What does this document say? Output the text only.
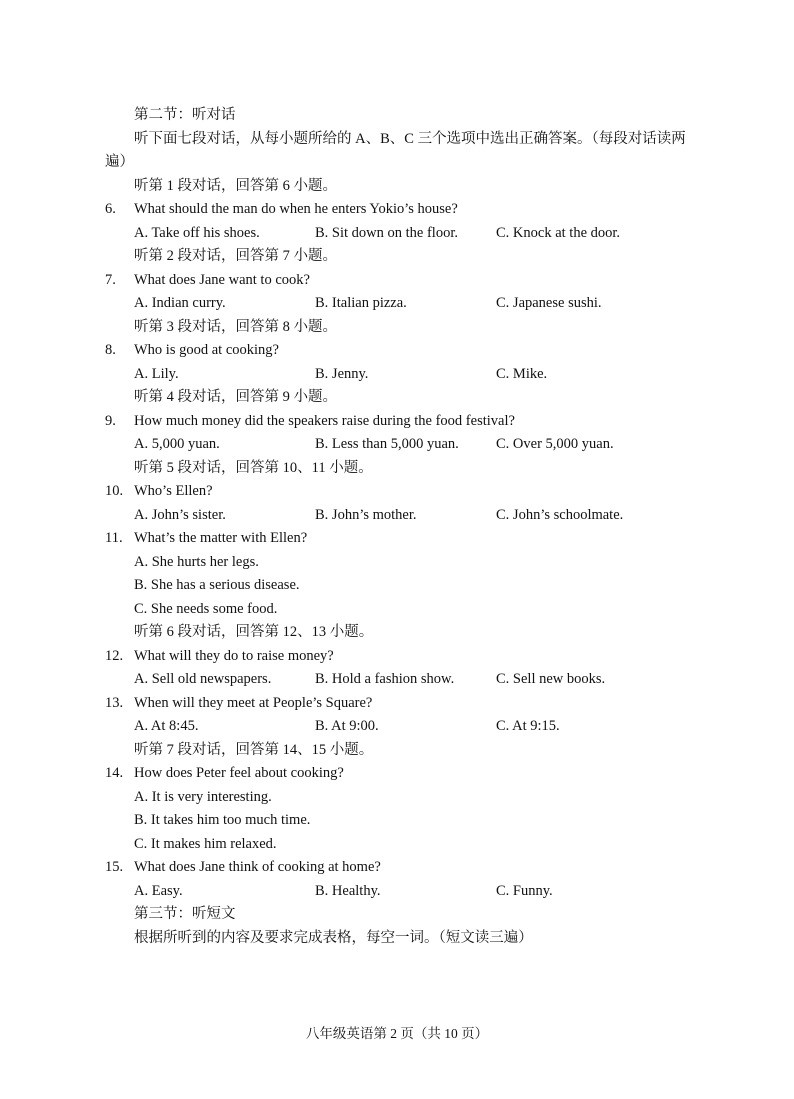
第二节：听对话
听下面七段对话，从每小题所给的 A、B、C 三个选项中选出正确答案。（每段对话读两
遍）
听第 1 段对话，回答第 6 小题。
6. What should the man do when he enters Yokio’s house?
A. Take off his shoes.	B. Sit down on the floor.	C. Knock at the door.
听第 2 段对话，回答第 7 小题。
7. What does Jane want to cook?
A. Indian curry.	B. Italian pizza.	C. Japanese sushi.
听第 3 段对话，回答第 8 小题。
8. Who is good at cooking?
A. Lily.	B. Jenny.	C. Mike.
听第 4 段对话，回答第 9 小题。
9. How much money did the speakers raise during the food festival?
A. 5,000 yuan.	B. Less than 5,000 yuan.	C. Over 5,000 yuan.
听第 5 段对话，回答第 10、11 小题。
10. Who’s Ellen?
A. John’s sister.	B. John’s mother.	C. John’s schoolmate.
11. What’s the matter with Ellen?
A. She hurts her legs.
B. She has a serious disease.
C. She needs some food.
听第 6 段对话，回答第 12、13 小题。
12. What will they do to raise money?
A. Sell old newspapers.	B. Hold a fashion show.	C. Sell new books.
13. When will they meet at People’s Square?
A. At 8:45.	B. At 9:00.	C. At 9:15.
听第 7 段对话，回答第 14、15 小题。
14. How does Peter feel about cooking?
A. It is very interesting.
B. It takes him too much time.
C. It makes him relaxed.
15. What does Jane think of cooking at home?
A. Easy.	B. Healthy.	C. Funny.
第三节：听短文
根据所听到的内容及要求完成表格，每空一词。（短文读三遍）
八年级英语第 2 页（共 10 页）
